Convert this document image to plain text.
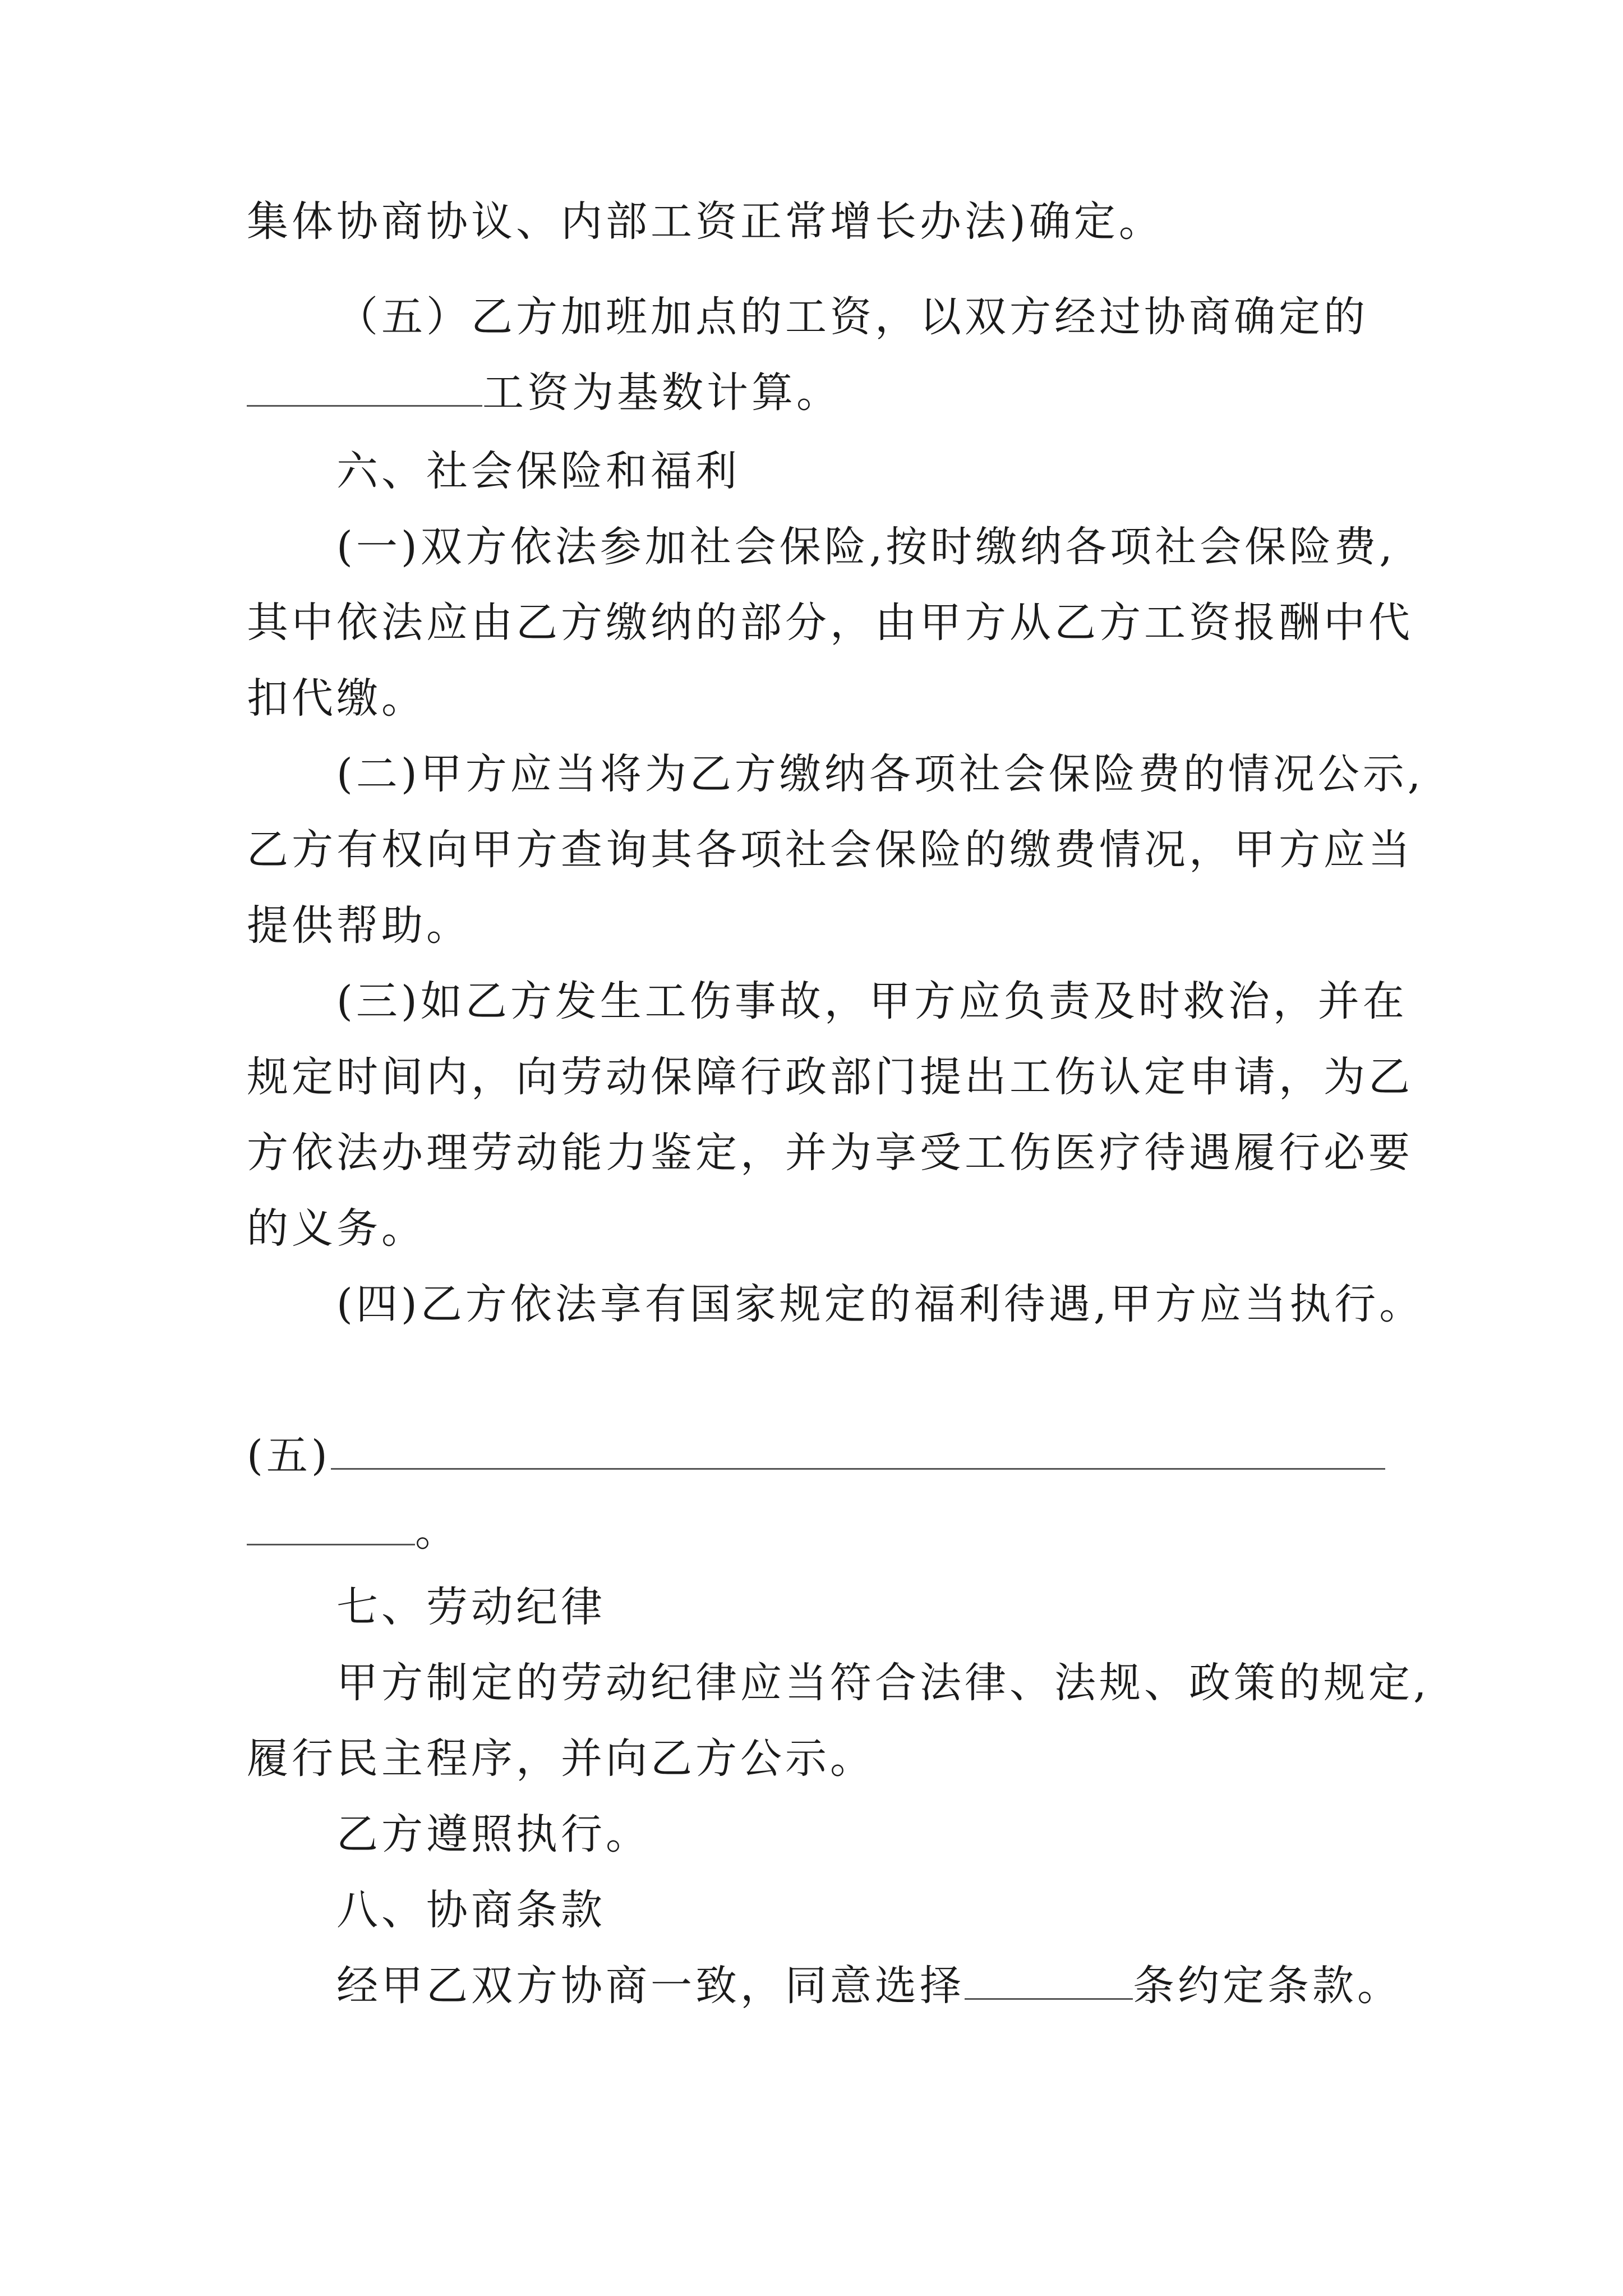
集体协商协议、内部工资正常增长办法)确定。
（五）乙方加班加点的工资，以双方经过协商确定的
工资为基数计算。
六、社会保险和福利
(一)双方依法参加社会保险,按时缴纳各项社会保险费,
其中依法应由乙方缴纳的部分，由甲方从乙方工资报酬中代
扣代缴。
(二)甲方应当将为乙方缴纳各项社会保险费的情况公示,
乙方有权向甲方查询其各项社会保险的缴费情况，甲方应当
提供帮助。
(三)如乙方发生工伤事故，甲方应负责及时救治，并在
规定时间内，向劳动保障行政部门提出工伤认定申请，为乙
方依法办理劳动能力鉴定，并为享受工伤医疗待遇履行必要
的义务。
(四)乙方依法享有国家规定的福利待遇,甲方应当执行。
(五)
。
七、劳动纪律
甲方制定的劳动纪律应当符合法律、法规、政策的规定,
履行民主程序，并向乙方公示。
乙方遵照执行。
八、协商条款
经甲乙双方协商一致，同意选择	条约定条款。
